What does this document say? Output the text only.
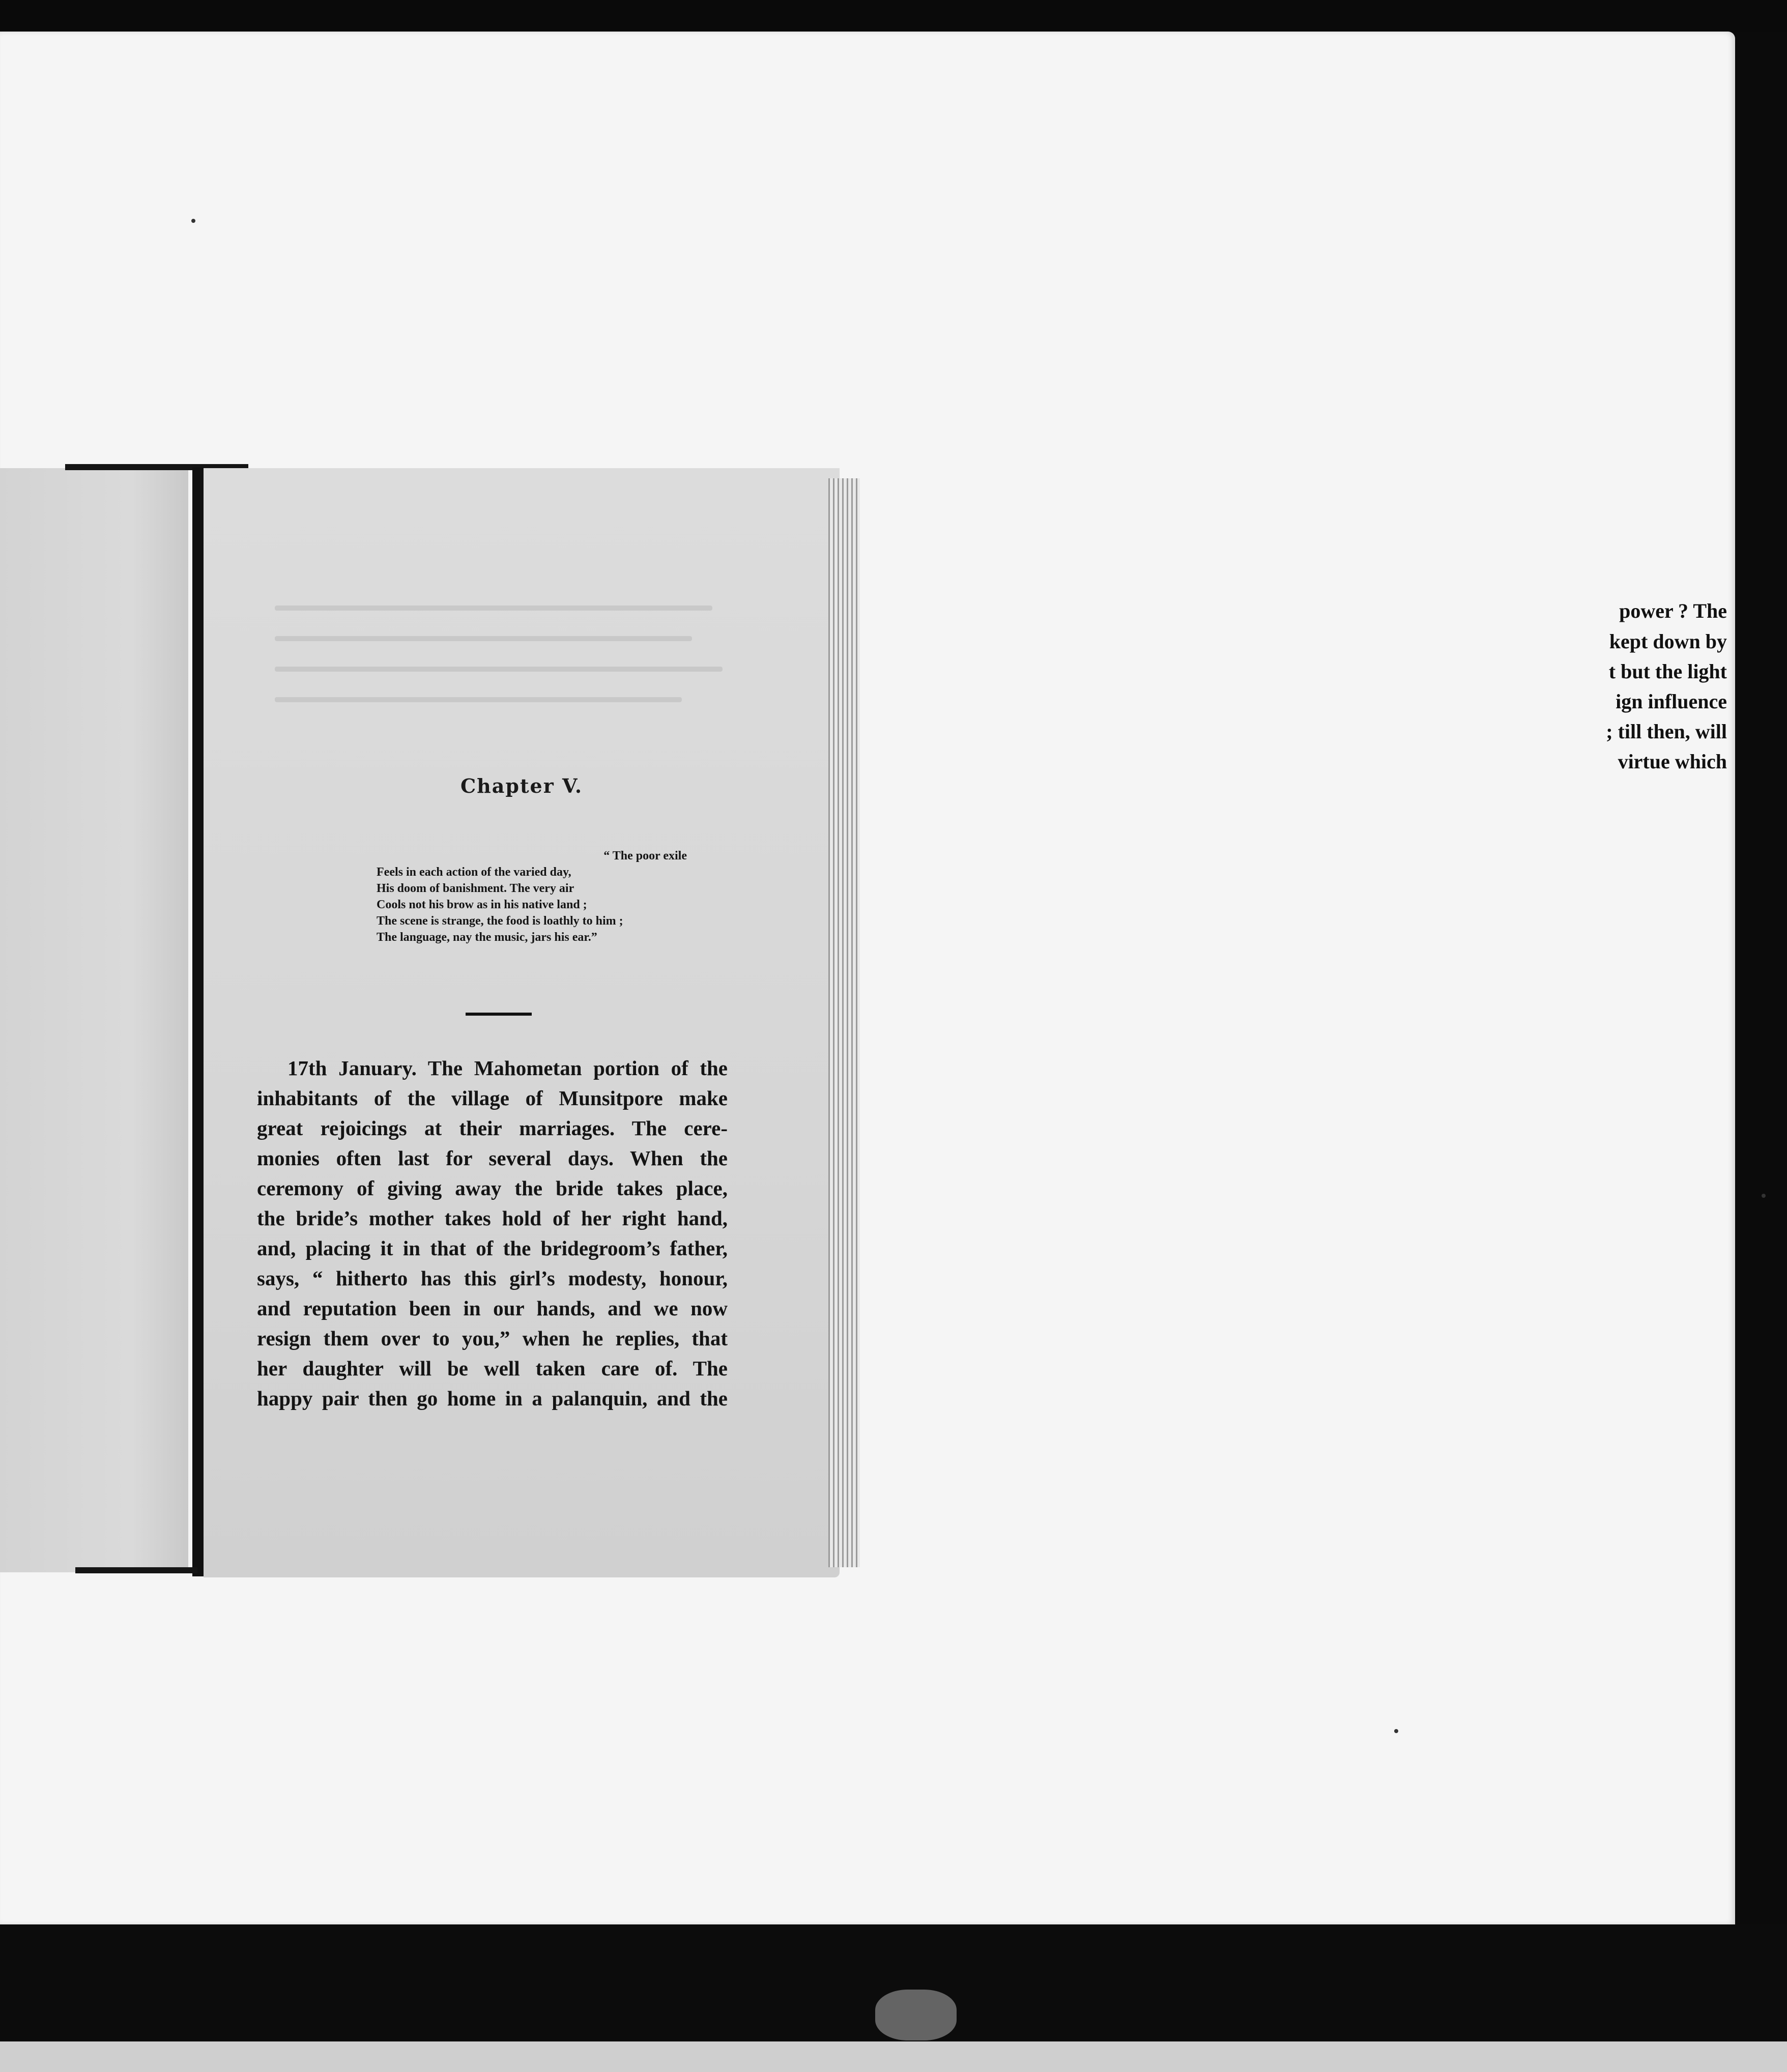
power ? The
kept down by
t but the light
ign influence
; till then, will
virtue which
Chapter V.
“ The poor exile
Feels in each action of the varied day,
His doom of banishment. The very air
Cools not his brow as in his native land ;
The scene is strange, the food is loathly to him ;
The language, nay the music, jars his ear.”
17th January. The Mahometan portion of the
inhabitants of the village of Munsitpore make
great rejoicings at their marriages. The cere-
monies often last for several days. When the
ceremony of giving away the bride takes place,
the bride’s mother takes hold of her right hand,
and, placing it in that of the bridegroom’s father,
says, “ hitherto has this girl’s modesty, honour,
and reputation been in our hands, and we now
resign them over to you,” when he replies, that
her daughter will be well taken care of. The
happy pair then go home in a palanquin, and the
